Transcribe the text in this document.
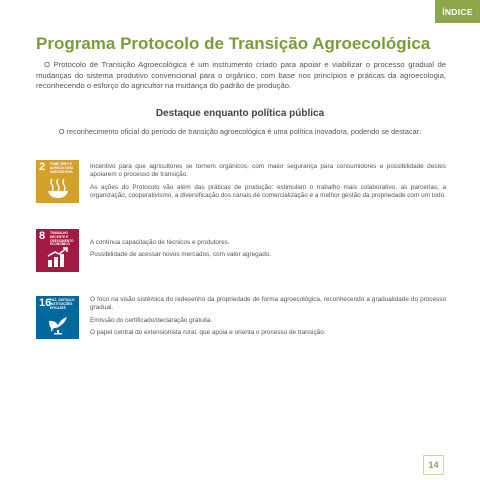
ÍNDICE
Programa Protocolo de Transição Agroecológica

O Protocolo de Transição Agroecológica é um instrumento criado para apoiar e viabilizar o processo gradual de mudanças do sistema produtivo convencional para o orgânico, com base nos princípios e práticas da agroecologia, reconhecendo o esforço do agricultor na mudança do padrão de produção.

Destaque enquanto política pública

O reconhecimento oficial do período de transição agroecológica é uma política inovadora, podendo se destacar:

2 FOME ZERO E AGRICULTURA SUSTENTÁVEL
8 TRABALHO DECENTE E CRESCIMENTO ECONÔMICO
16
PAZ, JUSTIÇA E INSTITUIÇÕES EFICAZES

Incentivo para que agricultores se tornem orgânicos, com maior segurança para consumidores e possibilidade destes apoiarem o processo de transição.

As ações do Protocolo vão além das práticas de produção: estimulam o trabalho mais colaborativo, as parcerias, a organização, cooperativismo, a diversificação dos canais de comercialização e a melhor gestão da propriedade com um todo.

A contínua capacitação de técnicos e produtores.

Possibilidade de acessar novos mercados, com valor agregado.

O foco na visão sistêmica do redesenho da propriedade de forma agroecológica, reconhecendo a gradualidade do processo gradual.

Emissão do certificado/declaração gratuita.

O papel central do extensionista rural, que apoia e orienta o processo de transição.

14
